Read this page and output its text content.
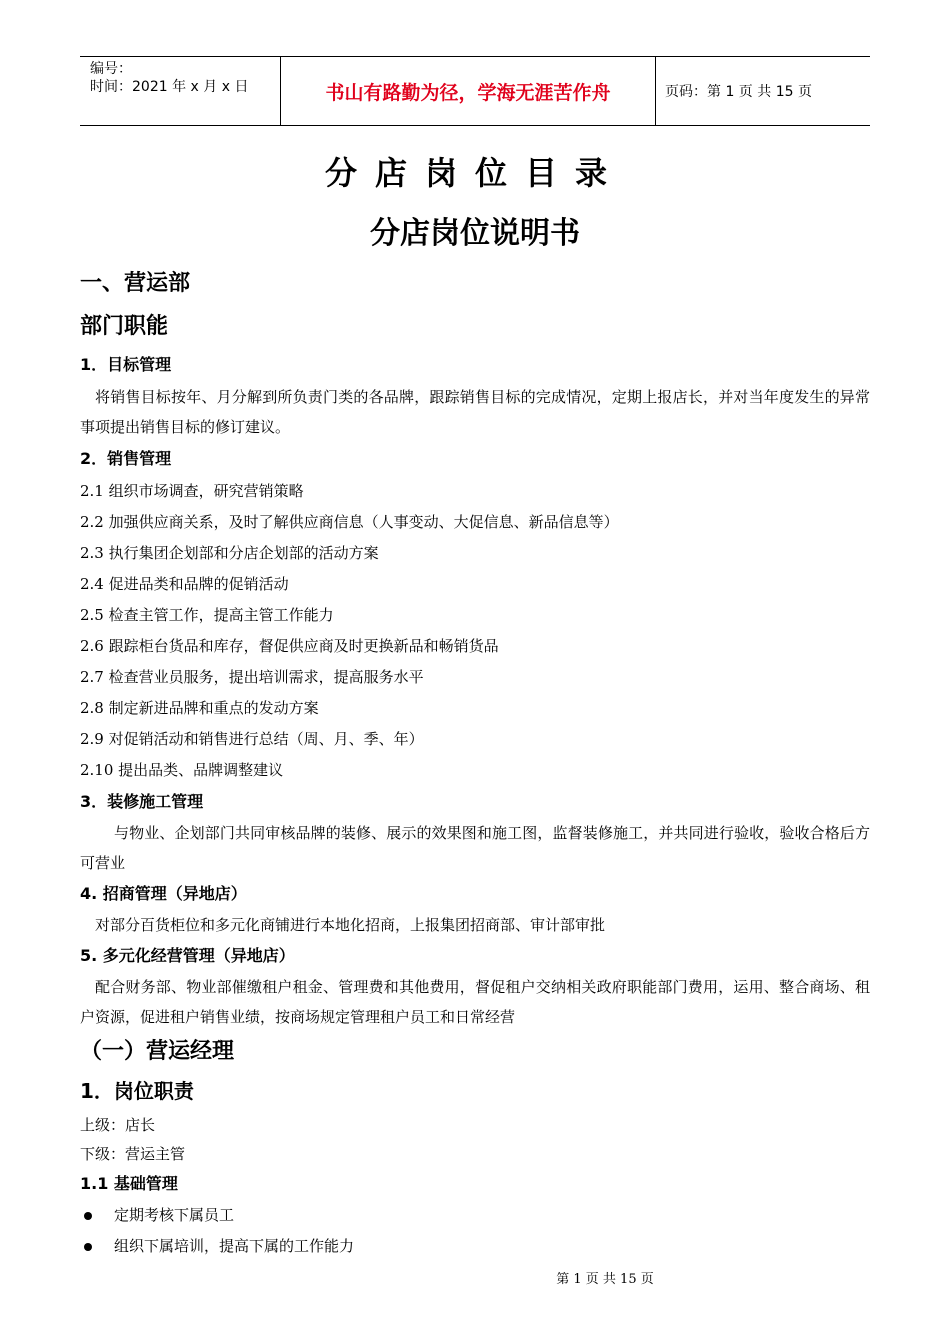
编号：
时间：2021 年 x 月 x 日	书山有路勤为径，学海无涯苦作舟	页码：第 1 页 共 15 页
分店岗位目录
分店岗位说明书

一、营运部

部门职能

1．目标管理

将销售目标按年、月分解到所负责门类的各品牌，跟踪销售目标的完成情况，定期上报店长，并对当年度发生的异常事项提出销售目标的修订建议。

2．销售管理

2.1 组织市场调查，研究营销策略

2.2 加强供应商关系，及时了解供应商信息（人事变动、大促信息、新品信息等）

2.3 执行集团企划部和分店企划部的活动方案

2.4 促进品类和品牌的促销活动

2.5 检查主管工作，提高主管工作能力

2.6 跟踪柜台货品和库存，督促供应商及时更换新品和畅销货品

2.7 检查营业员服务，提出培训需求，提高服务水平

2.8 制定新进品牌和重点的发动方案

2.9 对促销活动和销售进行总结（周、月、季、年）

2.10 提出品类、品牌调整建议

3．装修施工管理

与物业、企划部门共同审核品牌的装修、展示的效果图和施工图，监督装修施工，并共同进行验收，验收合格后方可营业

4. 招商管理（异地店）

对部分百货柜位和多元化商铺进行本地化招商，上报集团招商部、审计部审批

5. 多元化经营管理（异地店）

配合财务部、物业部催缴租户租金、管理费和其他费用，督促租户交纳相关政府职能部门费用，运用、整合商场、租户资源，促进租户销售业绩，按商场规定管理租户员工和日常经营

（一）营运经理

1．岗位职责

上级：店长

下级：营运主管

1.1 基础管理

定期考核下属员工
组织下属培训，提高下属的工作能力
第 1 页 共 15 页
